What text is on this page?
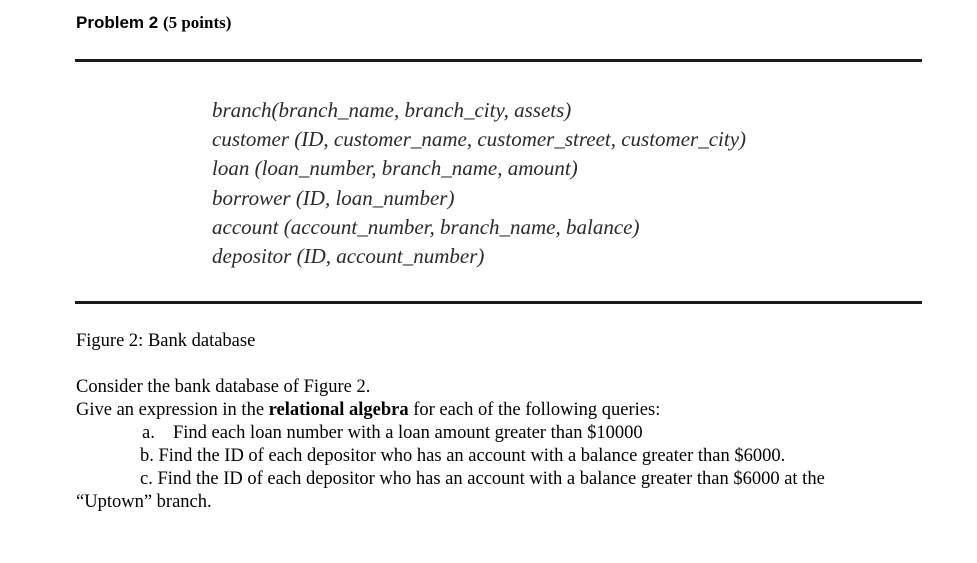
Problem 2 (5 points)
branch(branch_name, branch_city, assets)
customer (ID, customer_name, customer_street, customer_city)
loan (loan_number, branch_name, amount)
borrower (ID, loan_number)
account (account_number, branch_name, balance)
depositor (ID, account_number)
Figure 2: Bank database
Consider the bank database of Figure 2.
Give an expression in the relational algebra for each of the following queries:
a. Find each loan number with a loan amount greater than $10000
b. Find the ID of each depositor who has an account with a balance greater than $6000.
c. Find the ID of each depositor who has an account with a balance greater than $6000 at the
“Uptown” branch.
